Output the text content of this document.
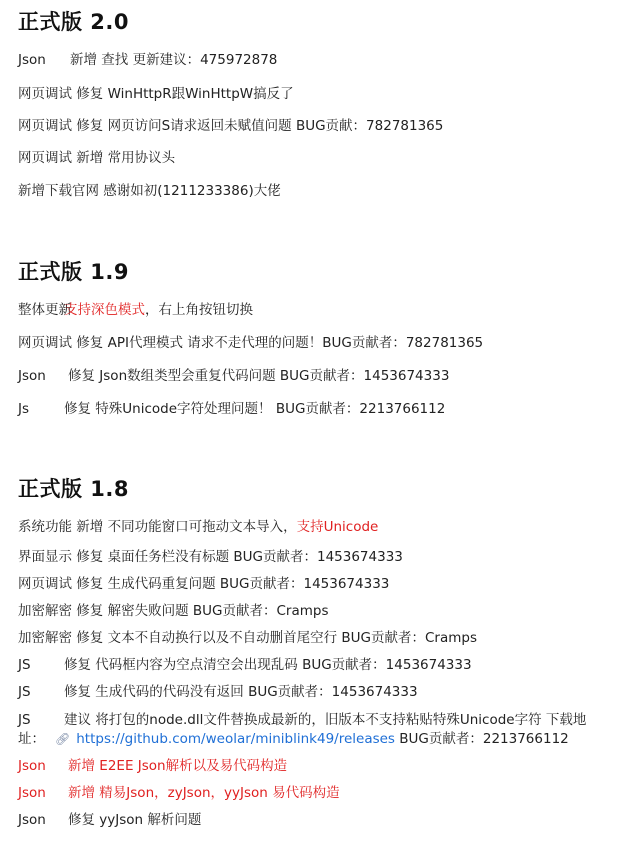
正式版 2.0

Json 新增 查找 更新建议：475972878

网页调试 修复 WinHttpR跟WinHttpW搞反了

网页调试 修复 网页访问S请求返回未赋值问题 BUG贡献：782781365

网页调试 新增 常用协议头

新增下载官网 感谢如初(1211233386)大佬

正式版 1.9

整体更新支持深色模式，右上角按钮切换

网页调试 修复 API代理模式 请求不走代理的问题！BUG贡献者：782781365

Json 修复 Json数组类型会重复代码问题 BUG贡献者：1453674333

Js	修复 特殊Unicode字符处理问题！ BUG贡献者：2213766112

正式版 1.8

系统功能 新增 不同功能窗口可拖动文本导入，支持Unicode

界面显示 修复 桌面任务栏没有标题 BUG贡献者：1453674333

网页调试 修复 生成代码重复问题 BUG贡献者：1453674333

加密解密 修复 解密失败问题 BUG贡献者：Cramps

加密解密 修复 文本不自动换行以及不自动删首尾空行 BUG贡献者：Cramps

JS 修复 代码框内容为空点清空会出现乱码 BUG贡献者：1453674333

JS 修复 生成代码的代码没有返回 BUG贡献者：1453674333

JS 建议 将打包的node.dll文件替换成最新的，旧版本不支持粘贴特殊Unicode字符 下载地

址： 🔗︎ https://github.com/weolar/miniblink49/releases BUG贡献者：2213766112

Json 新增 E2EE Json解析以及易代码构造

Json 新增 精易Json，zyJson，yyJson 易代码构造

Json 修复 yyJson 解析问题
